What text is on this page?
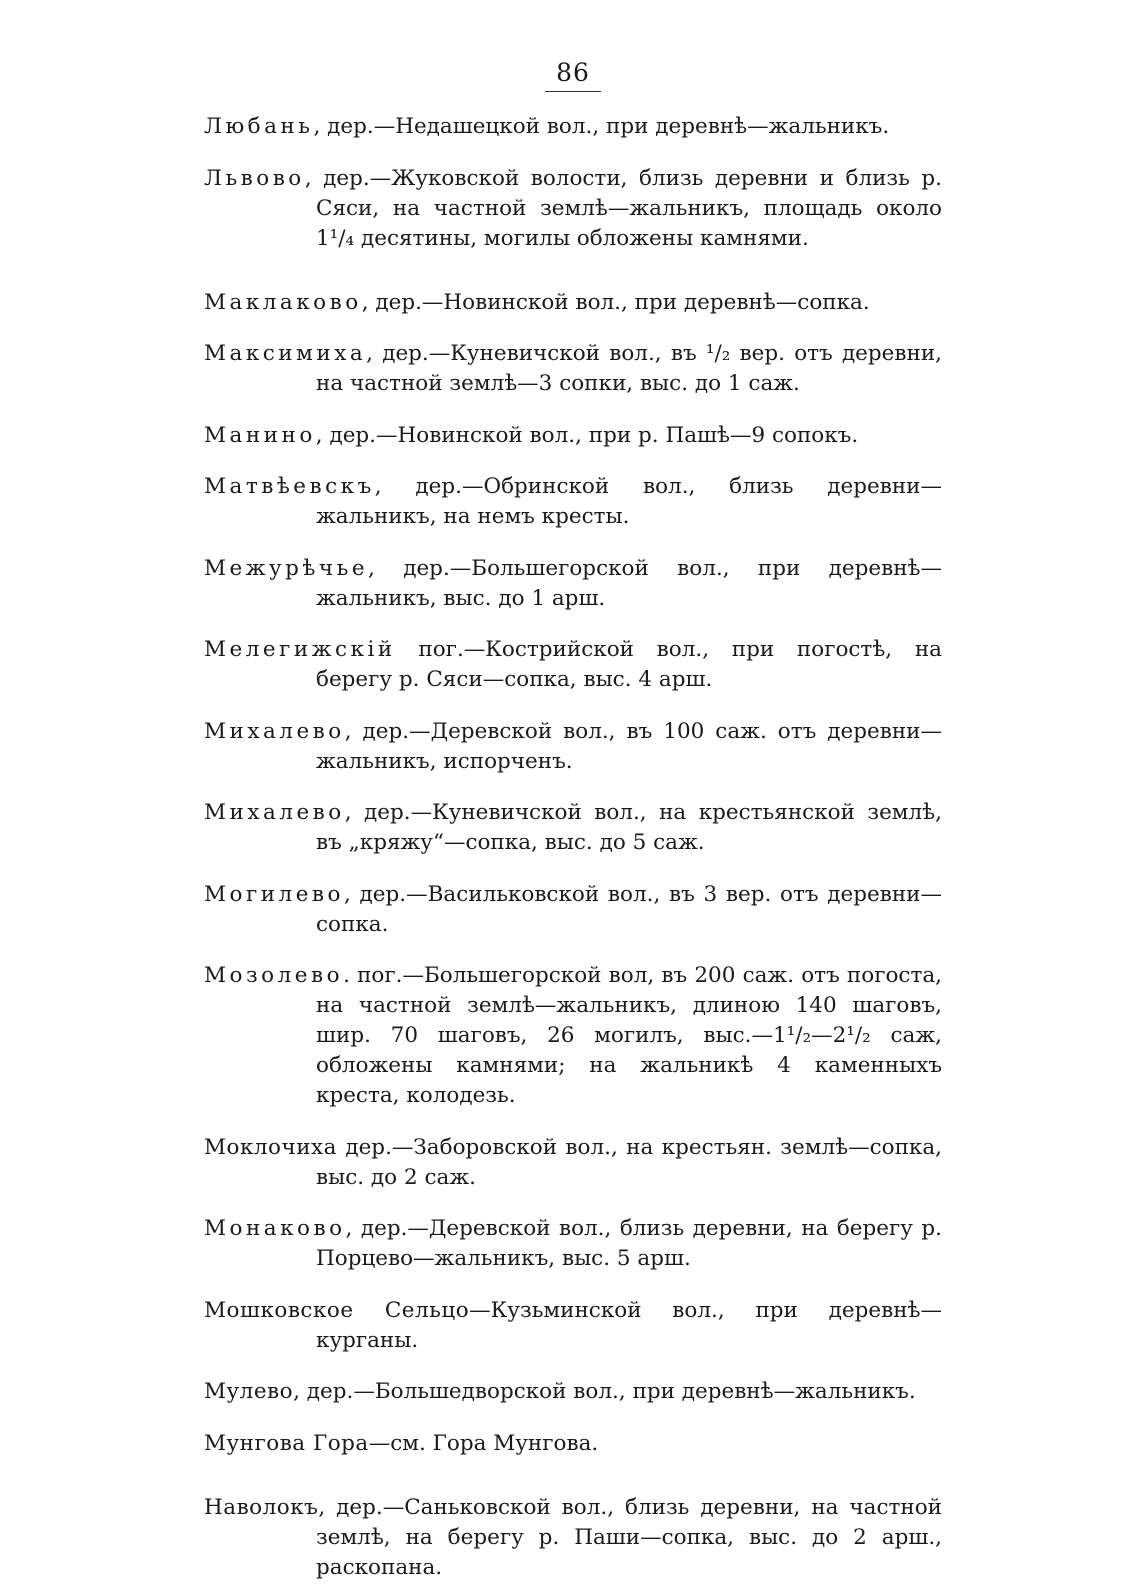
86

Любань, дер.—Недашецкой вол., при деревнѣ—жальникъ.

Львово, дер.—Жуковской волости, близь деревни и близь р. Сяси, на частной землѣ—жальникъ, площадь около 1¹/₄ десятины, могилы обложены камнями.

Маклаково, дер.—Новинской вол., при деревнѣ—сопка.

Максимиха, дер.—Куневичской вол., въ ¹/₂ вер. отъ деревни, на частной землѣ—3 сопки, выс. до 1 саж.

Манино, дер.—Новинской вол., при р. Пашѣ—9 сопокъ.

Матвѣевскъ, дер.—Обринской вол., близь деревни—жальникъ, на немъ кресты.

Межурѣчье, дер.—Большегорской вол., при деревнѣ—жальникъ, выс. до 1 арш.

Мелегижскій пог.—Кострийской вол., при погостѣ, на берегу р. Сяси—сопка, выс. 4 арш.

Михалево, дер.—Деревской вол., въ 100 саж. отъ деревни—жальникъ, испорченъ.

Михалево, дер.—Куневичской вол., на крестьянской землѣ, въ „кряжу“—сопка, выс. до 5 саж.

Могилево, дер.—Васильковской вол., въ 3 вер. отъ деревни—сопка.

Мозолево. пог.—Большегорской вол, въ 200 саж. отъ погоста, на частной землѣ—жальникъ, длиною 140 шаговъ, шир. 70 шаговъ, 26 могилъ, выс.—1¹/₂—2¹/₂ саж, обложены камнями; на жальникѣ 4 каменныхъ креста, колодезь.

Моклочиха дер.—Заборовской вол., на крестьян. землѣ—сопка, выс. до 2 саж.

Монаково, дер.—Деревской вол., близь деревни, на берегу р. Порцево—жальникъ, выс. 5 арш.

Мошковское Сельцо—Кузьминской вол., при деревнѣ—курганы.

Мулево, дер.—Большедворской вол., при деревнѣ—жальникъ.

Мунгова Гора—см. Гора Мунгова.

Наволокъ, дер.—Саньковской вол., близь деревни, на частной землѣ, на берегу р. Паши—сопка, выс. до 2 арш., раскопана.
